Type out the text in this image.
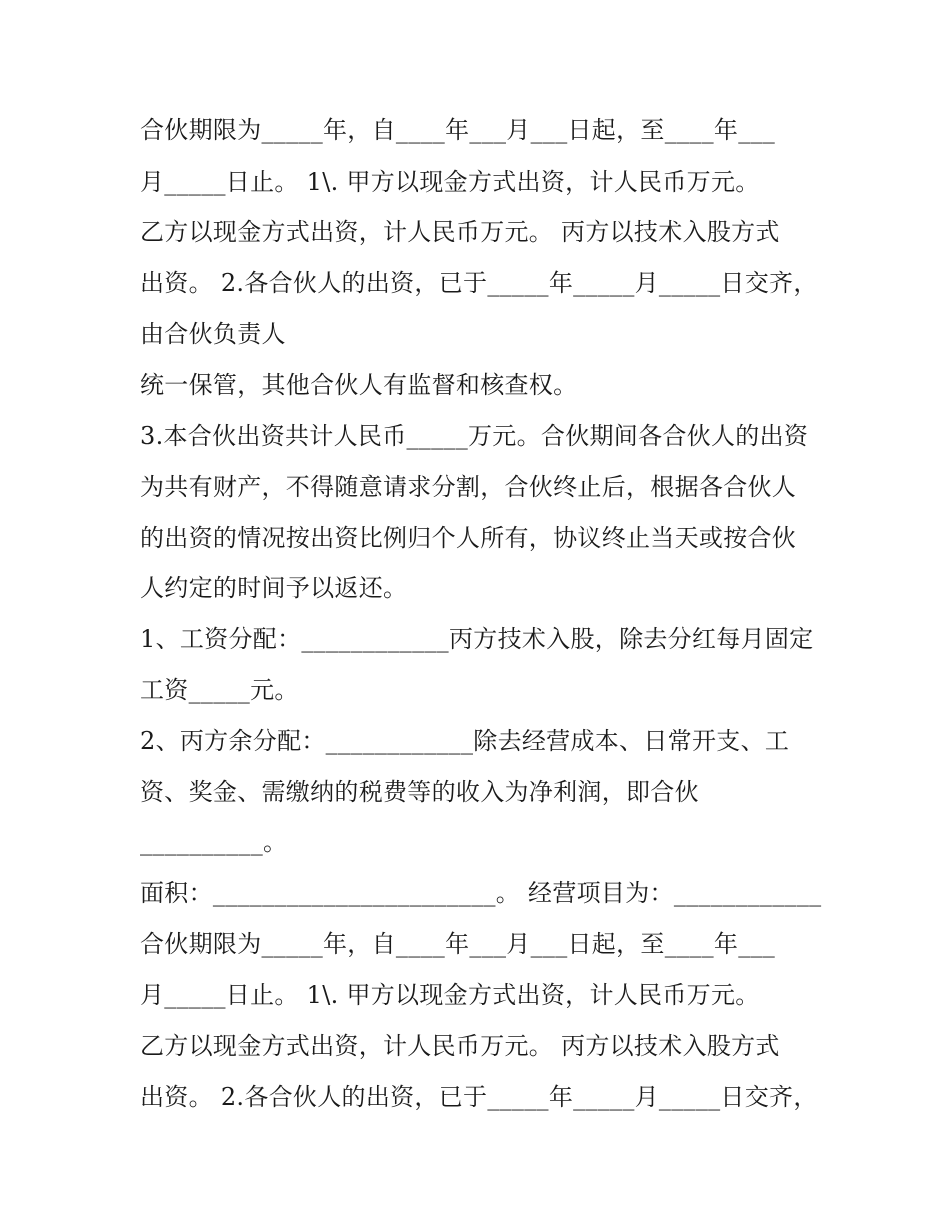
合伙期限为_____年，自____年___月___日起，至____年___
月_____日止。 1\. 甲方以现金方式出资，计人民币万元。
乙方以现金方式出资，计人民币万元。 丙方以技术入股方式
出资。 2.各合伙人的出资，已于_____年_____月_____日交齐，
由合伙负责人
统一保管，其他合伙人有监督和核查权。
3.本合伙出资共计人民币_____万元。合伙期间各合伙人的出资
为共有财产，不得随意请求分割，合伙终止后，根据各合伙人
的出资的情况按出资比例归个人所有，协议终止当天或按合伙
人约定的时间予以返还。
1、工资分配：____________丙方技术入股，除去分红每月固定
工资_____元。
2、丙方余分配：____________除去经营成本、日常开支、工
资、奖金、需缴纳的税费等的收入为净利润，即合伙
__________。
面积：_______________________。 经营项目为：____________
合伙期限为_____年，自____年___月___日起，至____年___
月_____日止。 1\. 甲方以现金方式出资，计人民币万元。
乙方以现金方式出资，计人民币万元。 丙方以技术入股方式
出资。 2.各合伙人的出资，已于_____年_____月_____日交齐，
